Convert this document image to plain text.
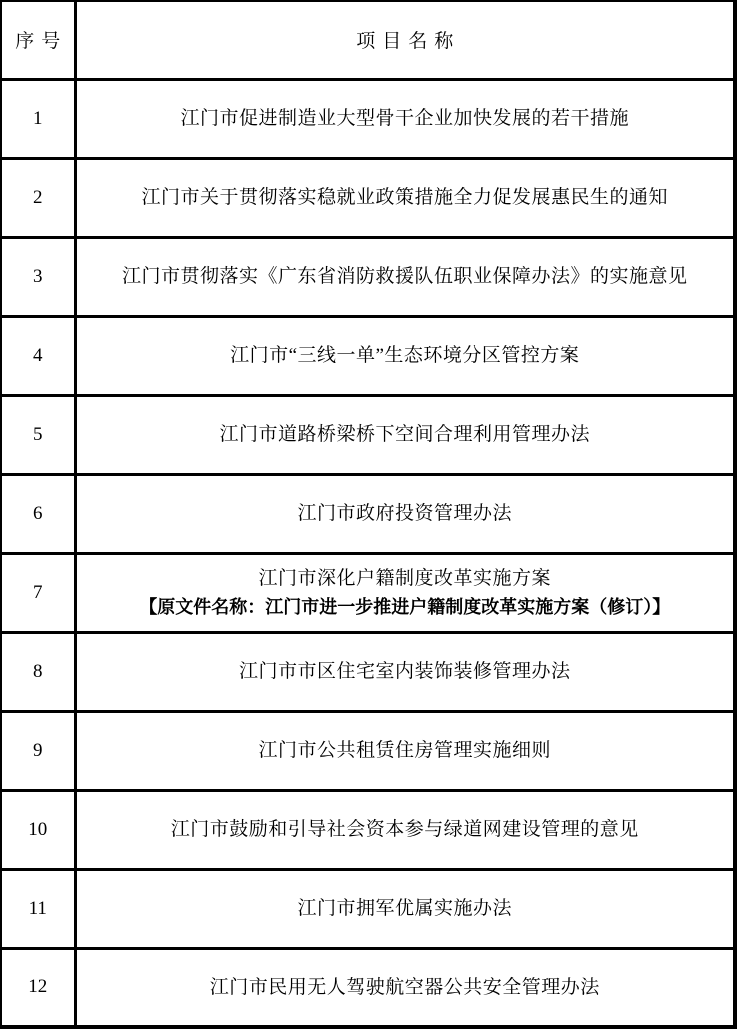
序号	项目名称
1	江门市促进制造业大型骨干企业加快发展的若干措施
2	江门市关于贯彻落实稳就业政策措施全力促发展惠民生的通知
3	江门市贯彻落实《广东省消防救援队伍职业保障办法》的实施意见
4	江门市“三线一单”生态环境分区管控方案
5	江门市道路桥梁桥下空间合理利用管理办法
6	江门市政府投资管理办法
7	江门市深化户籍制度改革实施方案
【原文件名称：江门市进一步推进户籍制度改革实施方案（修订）】

8	江门市市区住宅室内装饰装修管理办法
9	江门市公共租赁住房管理实施细则
10	江门市鼓励和引导社会资本参与绿道网建设管理的意见
11	江门市拥军优属实施办法
12	江门市民用无人驾驶航空器公共安全管理办法
